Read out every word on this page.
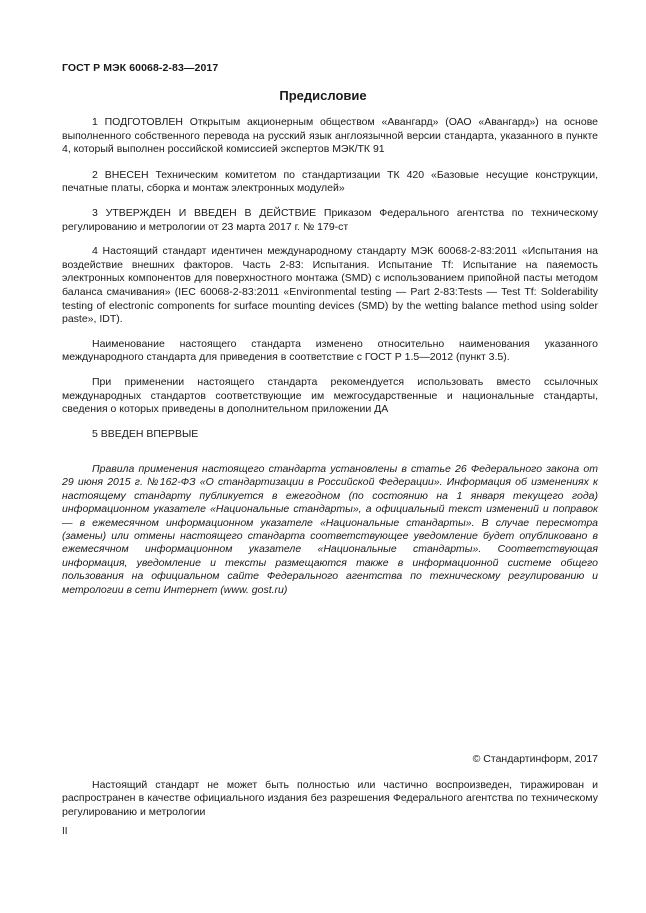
ГОСТ Р МЭК 60068-2-83—2017
Предисловие

1 ПОДГОТОВЛЕН Открытым акционерным обществом «Авангард» (ОАО «Авангард») на основе выполненного собственного перевода на русский язык англоязычной версии стандарта, указанного в пункте 4, который выполнен российской комиссией экспертов МЭК/ТК 91

2 ВНЕСЕН Техническим комитетом по стандартизации ТК 420 «Базовые несущие конструкции, печатные платы, сборка и монтаж электронных модулей»

3 УТВЕРЖДЕН И ВВЕДЕН В ДЕЙСТВИЕ Приказом Федерального агентства по техническому регулированию и метрологии от 23 марта 2017 г. № 179-ст

4 Настоящий стандарт идентичен международному стандарту МЭК 60068-2-83:2011 «Испытания на воздействие внешних факторов. Часть 2-83: Испытания. Испытание Tf: Испытание на паяемость электронных компонентов для поверхностного монтажа (SMD) с использованием припойной пасты методом баланса смачивания» (IEC 60068-2-83:2011 «Environmental testing — Part 2-83:Tests — Test Tf: Solderability testing of electronic components for surface mounting devices (SMD) by the wetting balance method using solder paste», IDT).

Наименование настоящего стандарта изменено относительно наименования указанного международного стандарта для приведения в соответствие с ГОСТ Р 1.5—2012 (пункт 3.5).

При применении настоящего стандарта рекомендуется использовать вместо ссылочных международных стандартов соответствующие им межгосударственные и национальные стандарты, сведения о которых приведены в дополнительном приложении ДА

5 ВВЕДЕН ВПЕРВЫЕ

Правила применения настоящего стандарта установлены в статье 26 Федерального закона от 29 июня 2015 г. №162-ФЗ «О стандартизации в Российской Федерации». Информация об изменениях к настоящему стандарту публикуется в ежегодном (по состоянию на 1 января текущего года) информационном указателе «Национальные стандарты», а официальный текст изменений и поправок — в ежемесячном информационном указателе «Национальные стандарты». В случае пересмотра (замены) или отмены настоящего стандарта соответствующее уведомление будет опубликовано в ежемесячном информационном указателе «Национальные стандарты». Соответствующая информация, уведомление и тексты размещаются также в информационной системе общего пользования на официальном сайте Федерального агентства по техническому регулированию и метрологии в сети Интернет (www. gost.ru)
© Стандартинформ, 2017
Настоящий стандарт не может быть полностью или частично воспроизведен, тиражирован и распространен в качестве официального издания без разрешения Федерального агентства по техническому регулированию и метрологии
II
